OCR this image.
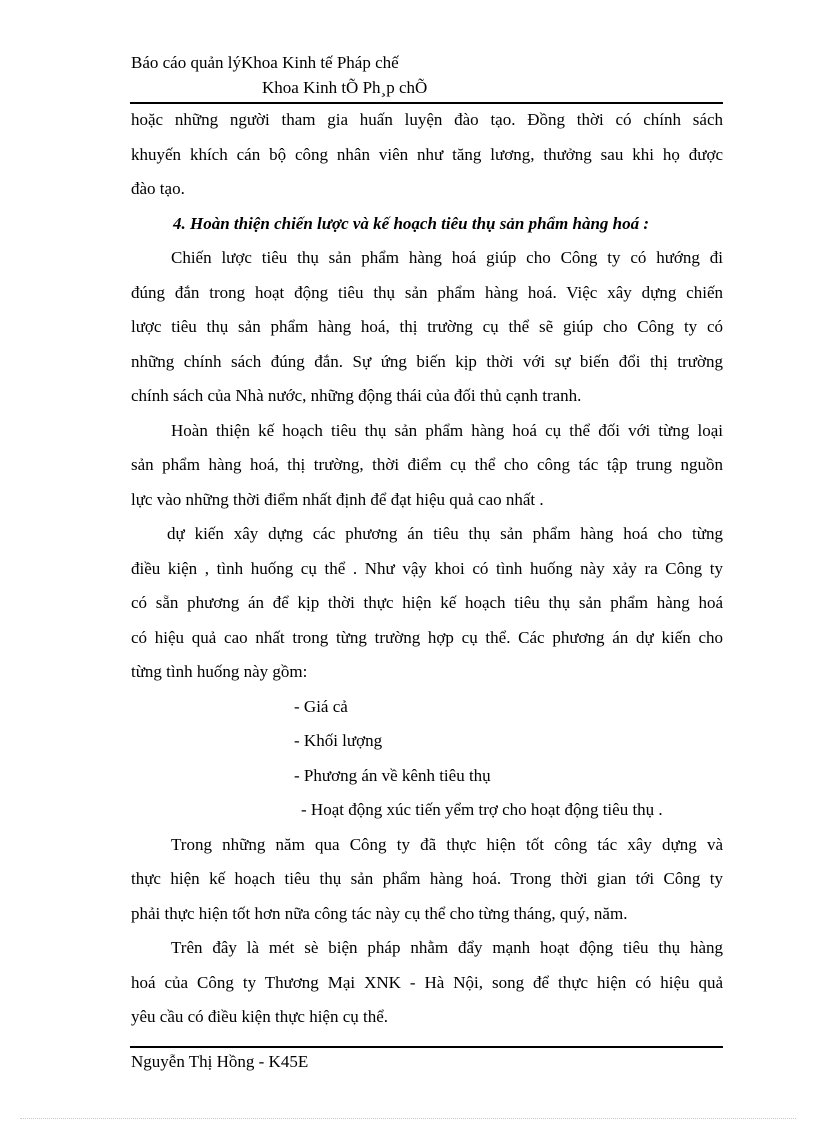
Báo cáo quản lýKhoa Kinh tế Pháp chế
Khoa Kinh tÕ Ph¸p chÕ
hoặc những người tham gia huấn luyện đào tạo. Đồng thời có chính sách
khuyến khích cán bộ công nhân viên như tăng lương, thưởng sau khi họ được
đào tạo.
4. Hoàn thiện chiến lược và kế hoạch tiêu thụ sản phẩm hàng hoá :
Chiến lược tiêu thụ sản phẩm hàng hoá giúp cho Công ty có hướng đi
đúng đắn trong hoạt động tiêu thụ sản phẩm hàng hoá. Việc xây dựng chiến
lược tiêu thụ sản phẩm hàng hoá, thị trường cụ thể sẽ giúp cho Công ty có
những chính sách đúng đắn. Sự ứng biến kịp thời với sự biến đổi thị trường
chính sách của Nhà nước, những động thái của đối thủ cạnh tranh.
Hoàn thiện kế hoạch tiêu thụ sản phẩm hàng hoá cụ thể đối với từng loại
sản phẩm hàng hoá, thị trường, thời điểm cụ thể cho công tác tập trung nguồn
lực vào những thời điểm nhất định để đạt hiệu quả cao nhất .
dự kiến xây dựng các phương án tiêu thụ sản phẩm hàng hoá cho từng
điều kiện , tình huống cụ thể . Như vậy khoi có tình huống này xảy ra Công ty
có sẵn phương án để kịp thời thực hiện kế hoạch tiêu thụ sản phẩm hàng hoá
có hiệu quả cao nhất trong từng trường hợp cụ thể. Các phương án dự kiến cho
từng tình huống này gồm:
- Giá cả
- Khối lượng
- Phương án về kênh tiêu thụ
- Hoạt động xúc tiến yểm trợ cho hoạt động tiêu thụ .
Trong những năm qua Công ty đã thực hiện tốt công tác xây dựng và
thực hiện kế hoạch tiêu thụ sản phẩm hàng hoá. Trong thời gian tới Công ty
phải thực hiện tốt hơn nữa công tác này cụ thể cho từng tháng, quý, năm.
Trên đây là mét sè biện pháp nhằm đẩy mạnh hoạt động tiêu thụ hàng
hoá của Công ty Thương Mại XNK - Hà Nội, song để thực hiện có hiệu quả
yêu cầu có điều kiện thực hiện cụ thể.
Nguyễn Thị Hồng - K45E
